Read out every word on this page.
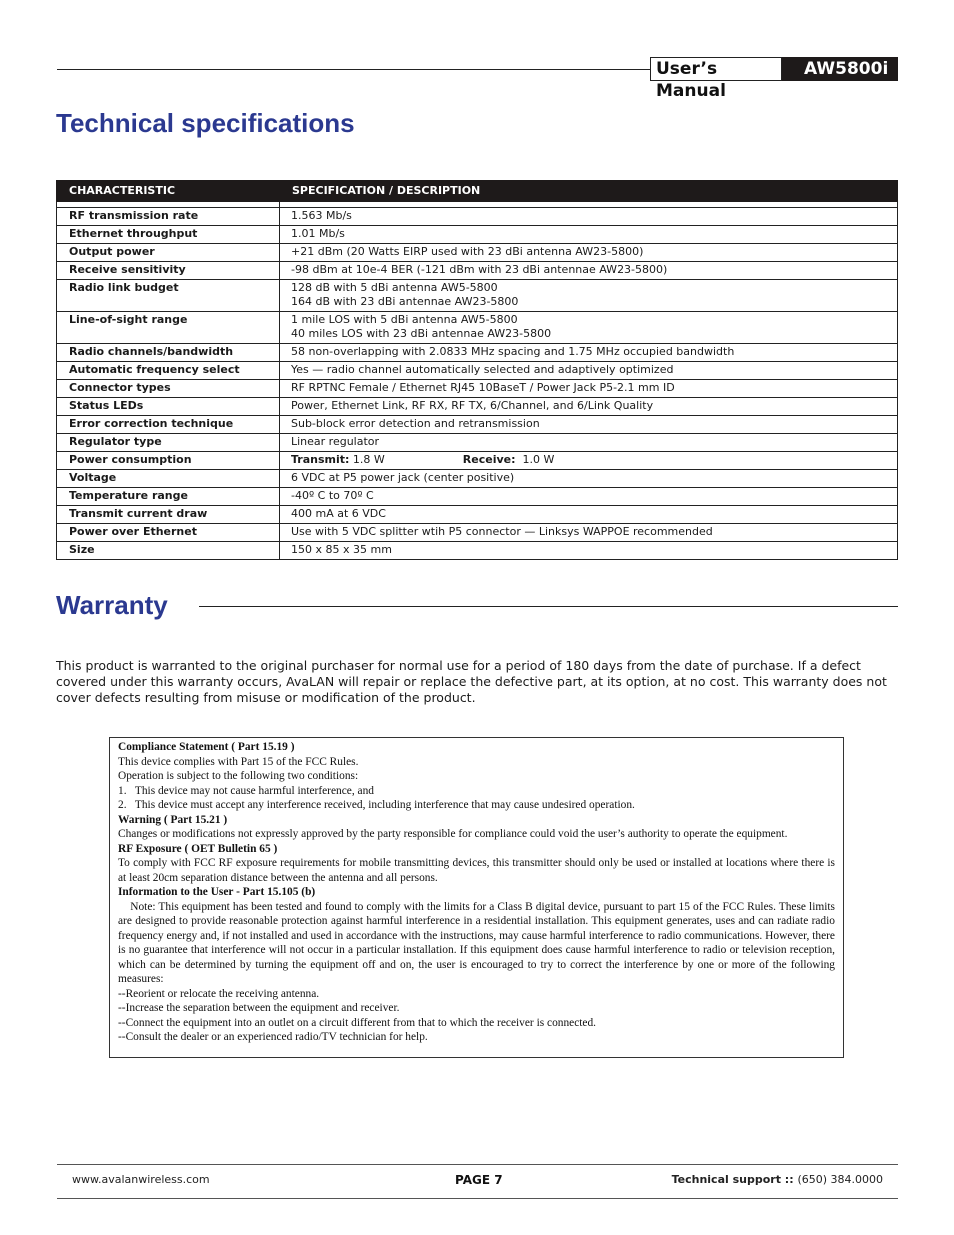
User’s Manual
AW5800i
Technical specifications
CHARACTERISTIC	SPECIFICATION / DESCRIPTION

RF transmission rate	1.563 Mb/s

Ethernet throughput	1.01 Mb/s

Output power	+21 dBm (20 Watts EIRP used with 23 dBi antenna AW23-5800)

Receive sensitivity	-98 dBm at 10e-4 BER (-121 dBm with 23 dBi antennae AW23-5800)

Radio link budget	128 dB with 5 dBi antenna AW5-5800
164 dB with 23 dBi antennae AW23-5800

Line-of-sight range	1 mile LOS with 5 dBi antenna AW5-5800
40 miles LOS with 23 dBi antennae AW23-5800

Radio channels/bandwidth	58 non-overlapping with 2.0833 MHz spacing and 1.75 MHz occupied bandwidth

Automatic frequency select	Yes — radio channel automatically selected and adaptively optimized

Connector types	RF RPTNC Female / Ethernet RJ45 10BaseT / Power Jack P5-2.1 mm ID

Status LEDs	Power, Ethernet Link, RF RX, RF TX, 6/Channel, and 6/Link Quality

Error correction technique	Sub-block error detection and retransmission

Regulator type	Linear regulator

Power consumption	Transmit: 1.8 W Receive:  1.0 W
Voltage	6 VDC at P5 power jack (center positive)

Temperature range	-40º C to 70º C

Transmit current draw	400 mA at 6 VDC

Power over Ethernet	Use with 5 VDC splitter wtih P5 connector — Linksys WAPPOE recommended

Size	150 x 85 x 35 mm
Warranty
This product is warranted to the original purchaser for normal use for a period of 180 days from the date of purchase. If a defect covered under this warranty occurs, AvaLAN will repair or replace the defective part, at its option, at no cost. This warranty does not cover defects resulting from misuse or modification of the product.

Compliance Statement ( Part 15.19 )

This device complies with Part 15 of the FCC Rules.

Operation is subject to the following two conditions:

1.   This device may not cause harmful interference, and

2.   This device must accept any interference received, including interference that may cause undesired operation.

Warning ( Part 15.21 )

Changes or modifications not expressly approved by the party responsible for compliance could void the user’s authority to operate the equipment.

RF Exposure ( OET Bulletin 65 )

To comply with FCC RF exposure requirements for mobile transmitting devices, this transmitter should only be used or installed at locations where there is at least 20cm separation distance between the antenna and all persons.

Information to the User - Part 15.105 (b)

Note: This equipment has been tested and found to comply with the limits for a Class B digital device, pursuant to part 15 of the FCC Rules. These limits are designed to provide reasonable protection against harmful interference in a residential installation. This equipment generates, uses and can radiate radio frequency energy and, if not installed and used in accordance with the instructions, may cause harmful interference to radio communications. However, there is no guarantee that interference will not occur in a particular installation. If this equipment does cause harmful interference to radio or television reception, which can be determined by turning the equipment off and on, the user is encouraged to try to correct the interference by one or more of the following measures:

--Reorient or relocate the receiving antenna.

--Increase the separation between the equipment and receiver.

--Connect the equipment into an outlet on a circuit different from that to which the receiver is connected.

--Consult the dealer or an experienced radio/TV technician for help.

www.avalanwireless.com	PAGE 7	Technical support :: (650) 384.0000
